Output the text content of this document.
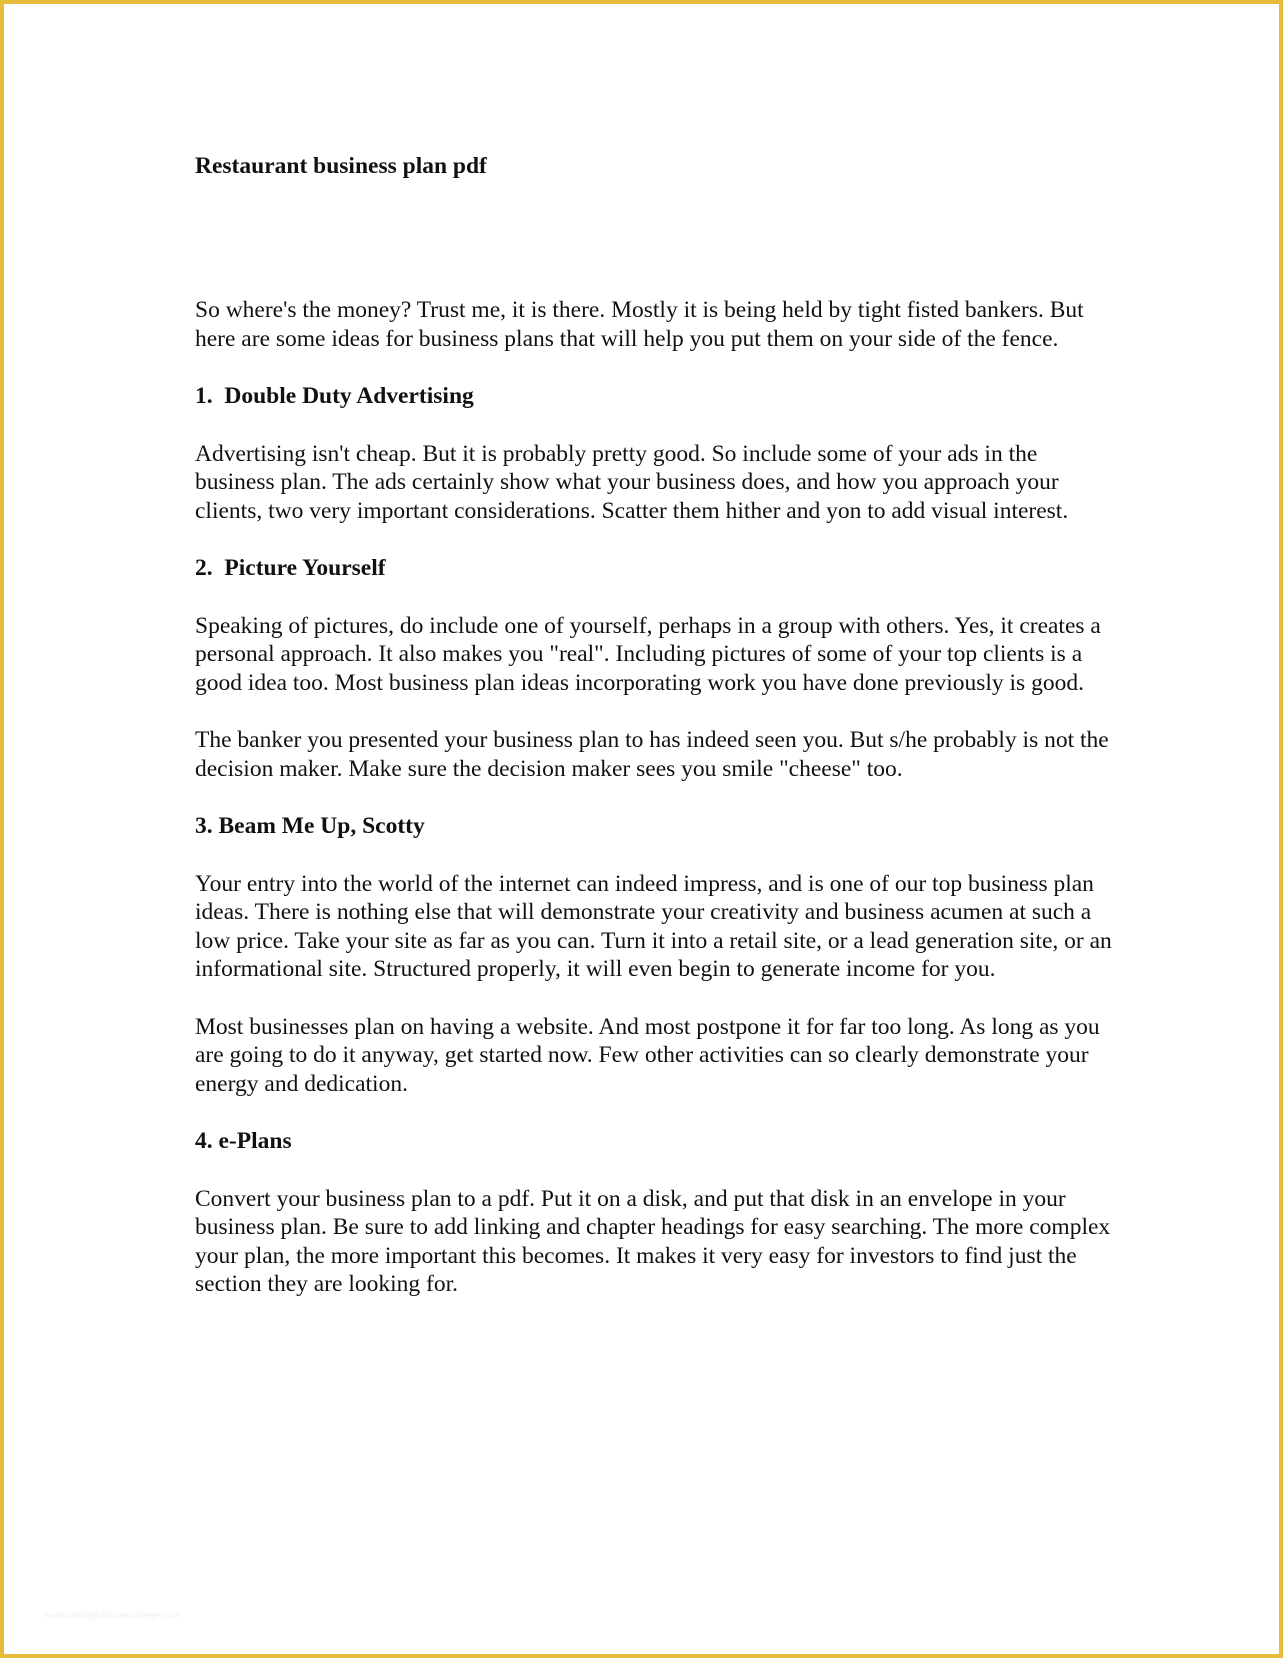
Restaurant business plan pdf
So where's the money? Trust me, it is there. Mostly it is being held by tight fisted bankers. But here are some ideas for business plans that will help you put them on your side of the fence.
1.  Double Duty Advertising
Advertising isn't cheap. But it is probably pretty good. So include some of your ads in the business plan. The ads certainly show what your business does, and how you approach your clients, two very important considerations. Scatter them hither and yon to add visual interest.
2.  Picture Yourself
Speaking of pictures, do include one of yourself, perhaps in a group with others. Yes, it creates a personal approach. It also makes you "real". Including pictures of some of your top clients is a good idea too. Most business plan ideas incorporating work you have done previously is good.
The banker you presented your business plan to has indeed seen you. But s/he probably is not the decision maker. Make sure the decision maker sees you smile "cheese" too.
3. Beam Me Up, Scotty
Your entry into the world of the internet can indeed impress, and is one of our top business plan ideas. There is nothing else that will demonstrate your creativity and business acumen at such a low price. Take your site as far as you can. Turn it into a retail site, or a lead generation site, or an informational site. Structured properly, it will even begin to generate income for you.
Most businesses plan on having a website. And most postpone it for far too long. As long as you are going to do it anyway, get started now. Few other activities can so clearly demonstrate your energy and dedication.
4. e-Plans
Convert your business plan to a pdf. Put it on a disk, and put that disk in an envelope in your business plan. Be sure to add linking and chapter headings for easy searching. The more complex your plan, the more important this becomes. It makes it very easy for investors to find just the section they are looking for.
www.heritagechristiancollege.com
